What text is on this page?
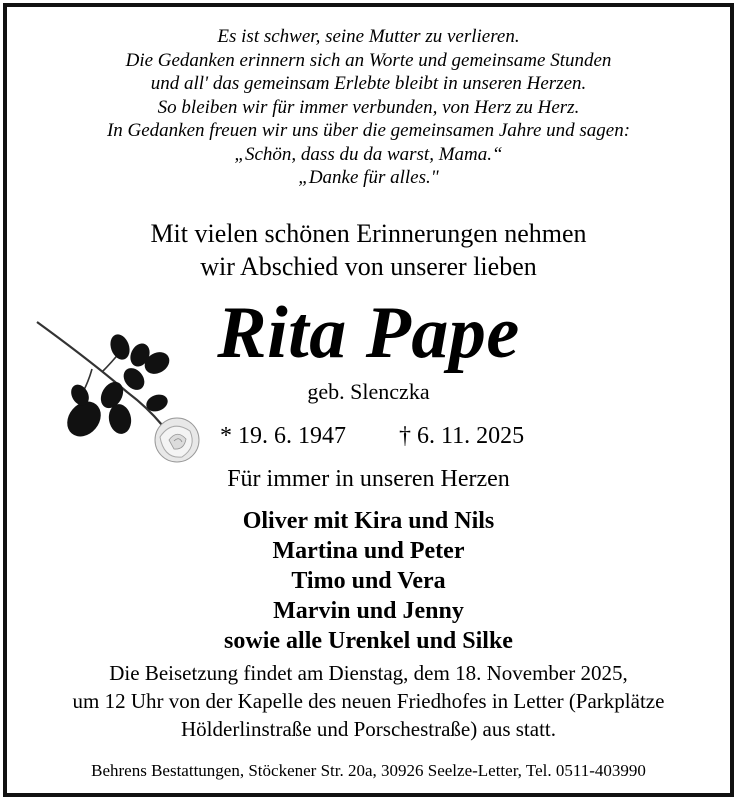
Es ist schwer, seine Mutter zu verlieren.
Die Gedanken erinnern sich an Worte und gemeinsame Stunden
und all' das gemeinsam Erlebte bleibt in unseren Herzen.
So bleiben wir für immer verbunden, von Herz zu Herz.
In Gedanken freuen wir uns über die gemeinsamen Jahre und sagen:
„Schön, dass du da warst, Mama.“
„Danke für alles."
Mit vielen schönen Erinnerungen nehmen
wir Abschied von unserer lieben
Rita Pape
geb. Slenczka
* 19. 6. 1947 † 6. 11. 2025
Für immer in unseren Herzen
Oliver mit Kira und Nils
Martina und Peter
Timo und Vera
Marvin und Jenny
sowie alle Urenkel und Silke
Die Beisetzung findet am Dienstag, dem 18. November 2025,
um 12 Uhr von der Kapelle des neuen Friedhofes in Letter (Parkplätze
Hölderlinstraße und Porschestraße) aus statt.
Behrens Bestattungen, Stöckener Str. 20a, 30926 Seelze-Letter, Tel. 0511-403990
